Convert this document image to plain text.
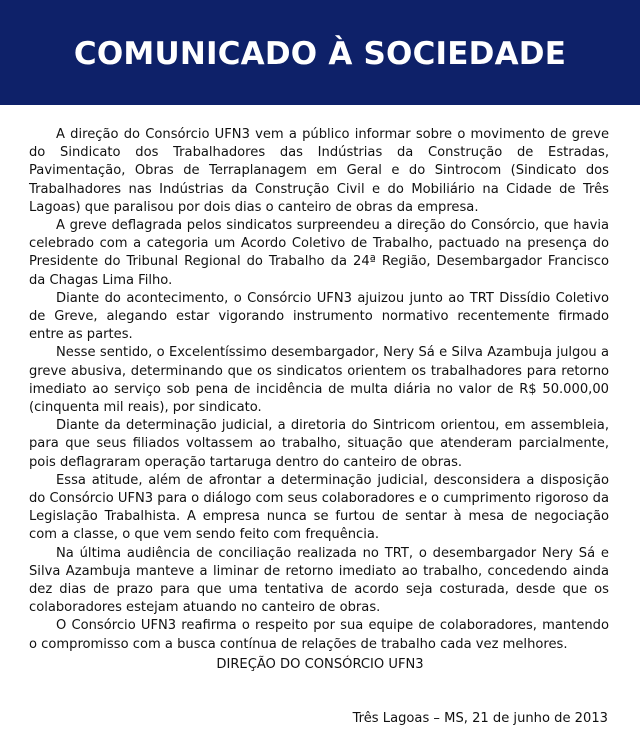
COMUNICADO À SOCIEDADE

A direção do Consórcio UFN3 vem a público informar sobre o movimento de greve do Sindicato dos Trabalhadores das Indústrias da Construção de Estradas, Pavimentação, Obras de Terraplanagem em Geral e do Sintrocom (Sindicato dos Trabalhadores nas Indústrias da Construção Civil e do Mobiliário na Cidade de Três Lagoas) que paralisou por dois dias o canteiro de obras da empresa.

A greve deflagrada pelos sindicatos surpreendeu a direção do Consórcio, que havia celebrado com a categoria um Acordo Coletivo de Trabalho, pactuado na presença do Presidente do Tribunal Regional do Trabalho da 24ª Região, Desembargador Francisco da Chagas Lima Filho.

Diante do acontecimento, o Consórcio UFN3 ajuizou junto ao TRT Dissídio Coletivo de Greve, alegando estar vigorando instrumento normativo recentemente firmado entre as partes.

Nesse sentido, o Excelentíssimo desembargador, Nery Sá e Silva Azambuja julgou a greve abusiva, determinando que os sindicatos orientem os trabalhadores para retorno imediato ao serviço sob pena de incidência de multa diária no valor de R$ 50.000,00 (cinquenta mil reais), por sindicato.

Diante da determinação judicial, a diretoria do Sintricom orientou, em assembleia, para que seus filiados voltassem ao trabalho, situação que atenderam parcialmente, pois deflagraram operação tartaruga dentro do canteiro de obras.

Essa atitude, além de afrontar a determinação judicial, desconsidera a disposição do Consórcio UFN3 para o diálogo com seus colaboradores e o cumprimento rigoroso da Legislação Trabalhista. A empresa nunca se furtou de sentar à mesa de negociação com a classe, o que vem sendo feito com frequência.

Na última audiência de conciliação realizada no TRT, o desembargador Nery Sá e Silva Azambuja manteve a liminar de retorno imediato ao trabalho, concedendo ainda dez dias de prazo para que uma tentativa de acordo seja costurada, desde que os colaboradores estejam atuando no canteiro de obras.

O Consórcio UFN3 reafirma o respeito por sua equipe de colaboradores, mantendo o compromisso com a busca contínua de relações de trabalho cada vez melhores.

DIREÇÃO DO CONSÓRCIO UFN3
Três Lagoas – MS, 21 de junho de 2013
